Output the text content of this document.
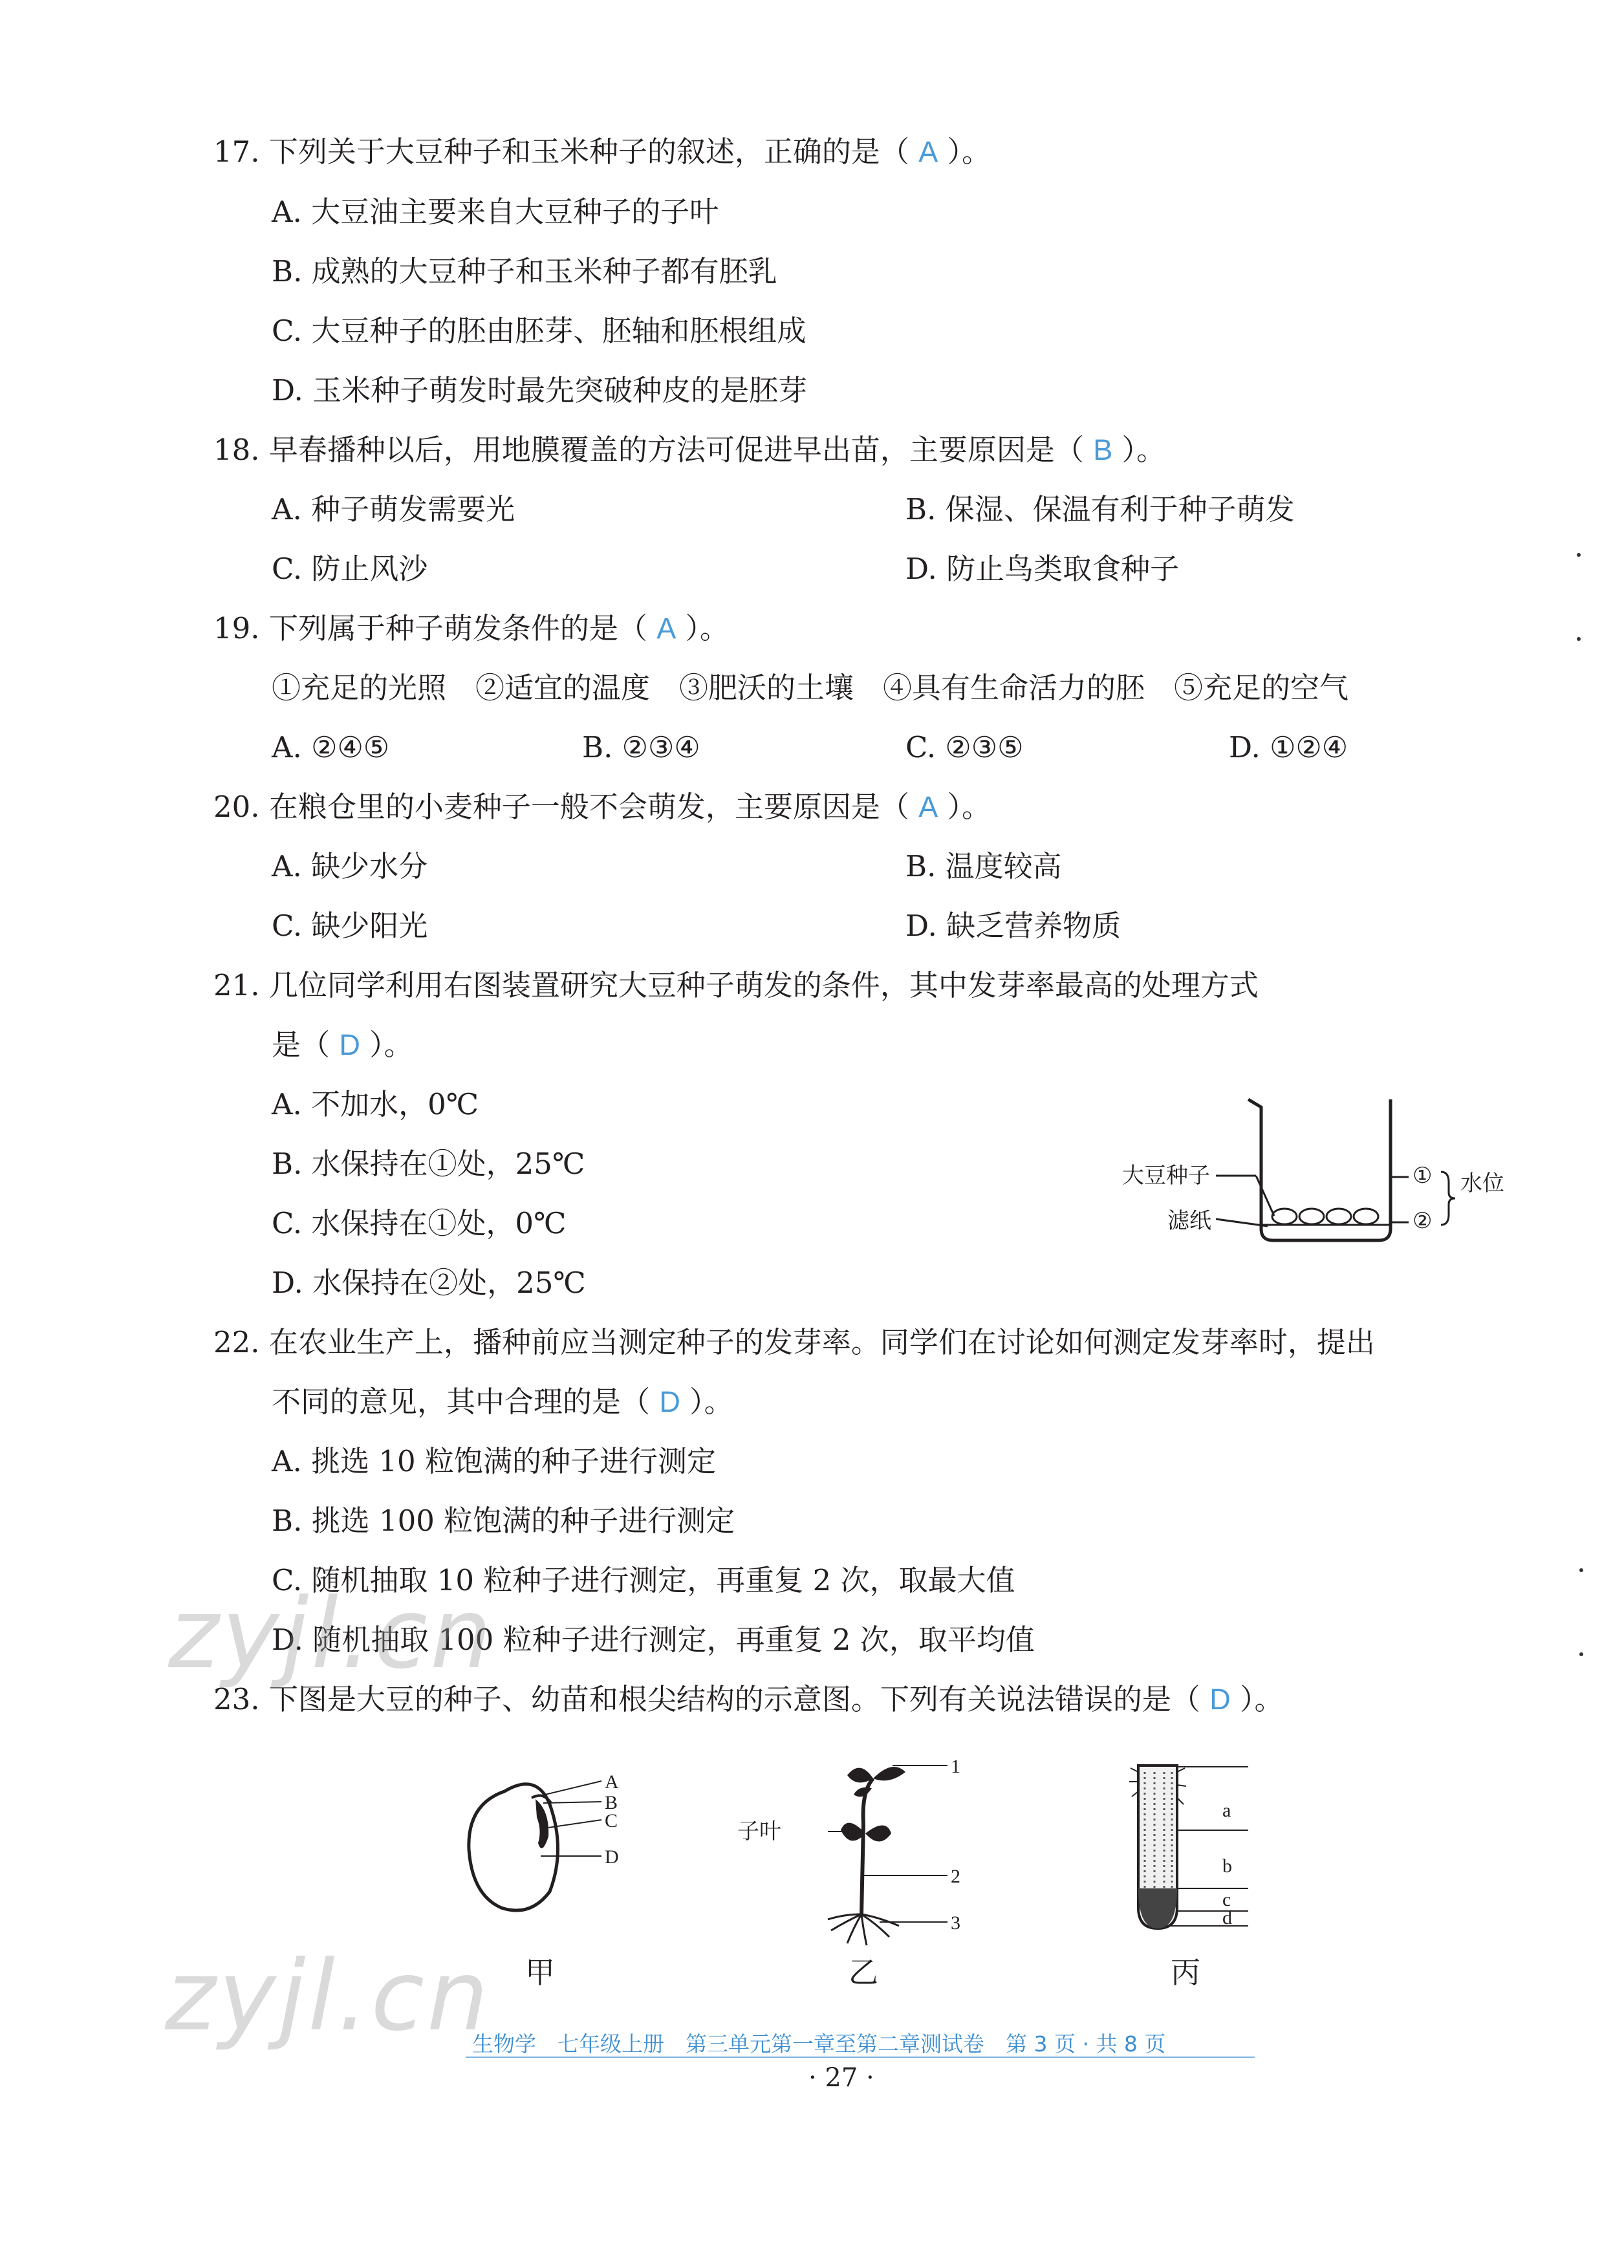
17. 下列关于大豆种子和玉米种子的叙述，正确的是（ A ）。
A. 大豆油主要来自大豆种子的子叶
B. 成熟的大豆种子和玉米种子都有胚乳
C. 大豆种子的胚由胚芽、胚轴和胚根组成
D. 玉米种子萌发时最先突破种皮的是胚芽
18. 早春播种以后，用地膜覆盖的方法可促进早出苗，主要原因是（ B ）。
A. 种子萌发需要光	B. 保湿、保温有利于种子萌发
C. 防止风沙	D. 防止鸟类取食种子
19. 下列属于种子萌发条件的是（ A ）。
①充足的光照　②适宜的温度　③肥沃的土壤　④具有生命活力的胚　⑤充足的空气
A. ②④⑤	B. ②③④	C. ②③⑤	D. ①②④
20. 在粮仓里的小麦种子一般不会萌发，主要原因是（ A ）。
A. 缺少水分	B. 温度较高
C. 缺少阳光	D. 缺乏营养物质
21. 几位同学利用右图装置研究大豆种子萌发的条件，其中发芽率最高的处理方式
是（ D ）。
A. 不加水，0℃
B. 水保持在①处，25℃
C. 水保持在①处，0℃
D. 水保持在②处，25℃
大豆种子
滤纸
①
②
水位
22. 在农业生产上，播种前应当测定种子的发芽率。同学们在讨论如何测定发芽率时，提出
不同的意见，其中合理的是（ D ）。
A. 挑选 10 粒饱满的种子进行测定
B. 挑选 100 粒饱满的种子进行测定
C. 随机抽取 10 粒种子进行测定，再重复 2 次，取最大值
D. 随机抽取 100 粒种子进行测定，再重复 2 次，取平均值
23. 下图是大豆的种子、幼苗和根尖结构的示意图。下列有关说法错误的是（ D ）。
A
B
C
D
甲
子叶
1
2
3
乙
a
b
c
d
丙
zyjl.cn
zyjl.cn
生物学　七年级上册　第三单元第一章至第二章测试卷　第 3 页 · 共 8 页
· 27 ·
